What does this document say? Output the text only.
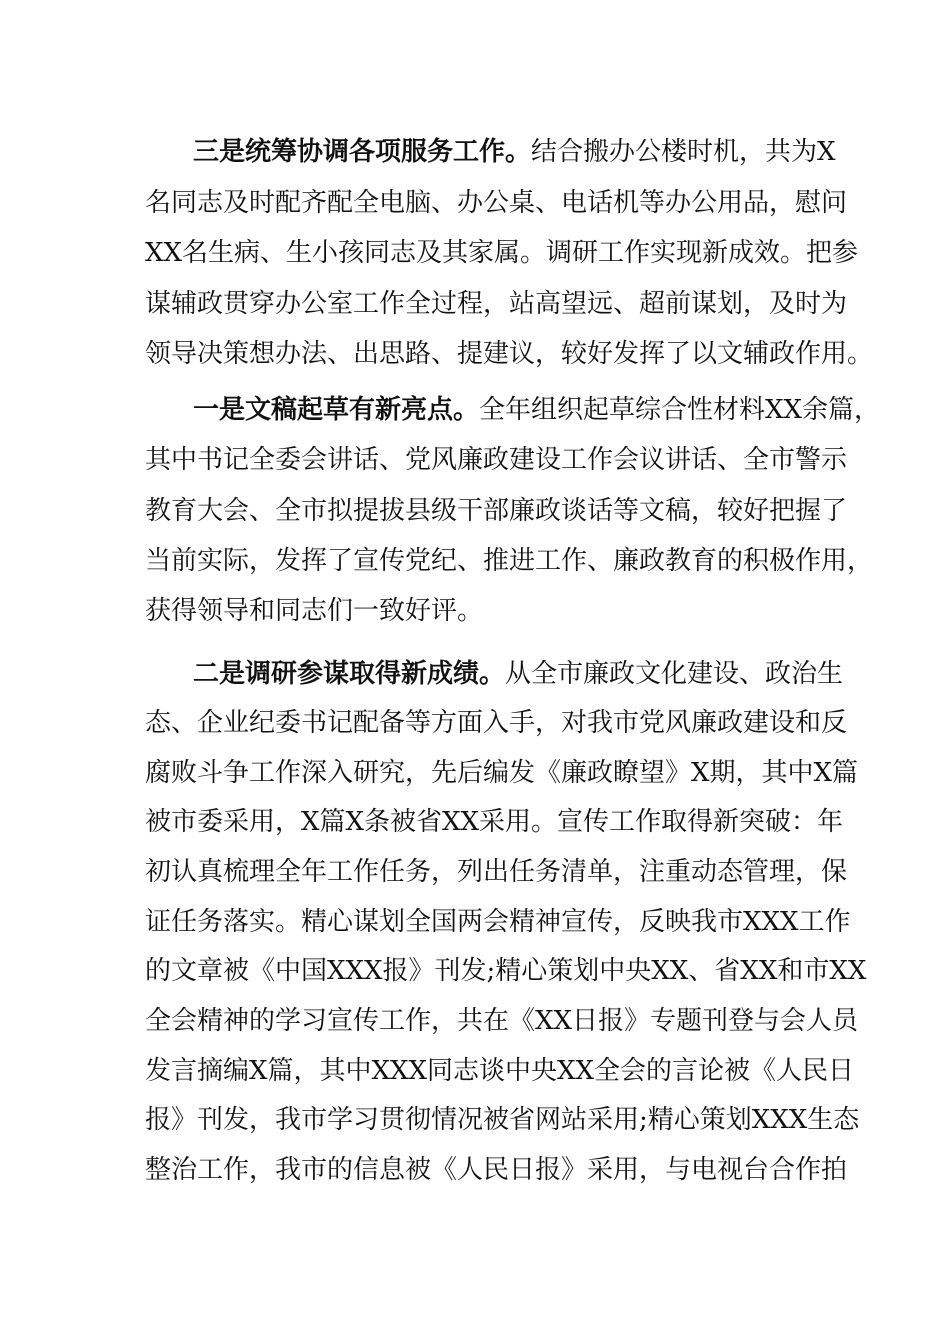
三是统筹协调各项服务工作。结合搬办公楼时机，共为X
名同志及时配齐配全电脑、办公桌、电话机等办公用品，慰问
XX名生病、生小孩同志及其家属。调研工作实现新成效。把参
谋辅政贯穿办公室工作全过程，站高望远、超前谋划，及时为
领导决策想办法、出思路、提建议，较好发挥了以文辅政作用。
一是文稿起草有新亮点。全年组织起草综合性材料XX余篇，
其中书记全委会讲话、党风廉政建设工作会议讲话、全市警示
教育大会、全市拟提拔县级干部廉政谈话等文稿，较好把握了
当前实际，发挥了宣传党纪、推进工作、廉政教育的积极作用，
获得领导和同志们一致好评。
二是调研参谋取得新成绩。从全市廉政文化建设、政治生
态、企业纪委书记配备等方面入手，对我市党风廉政建设和反
腐败斗争工作深入研究，先后编发《廉政瞭望》X期，其中X篇
被市委采用，X篇X条被省XX采用。宣传工作取得新突破：年
初认真梳理全年工作任务，列出任务清单，注重动态管理，保
证任务落实。精心谋划全国两会精神宣传，反映我市XXX工作
的文章被《中国XXX报》刊发;精心策划中央XX、省XX和市XX
全会精神的学习宣传工作，共在《XX日报》专题刊登与会人员
发言摘编X篇，其中XXX同志谈中央XX全会的言论被《人民日
报》刊发，我市学习贯彻情况被省网站采用;精心策划XXX生态
整治工作，我市的信息被《人民日报》采用，与电视台合作拍
